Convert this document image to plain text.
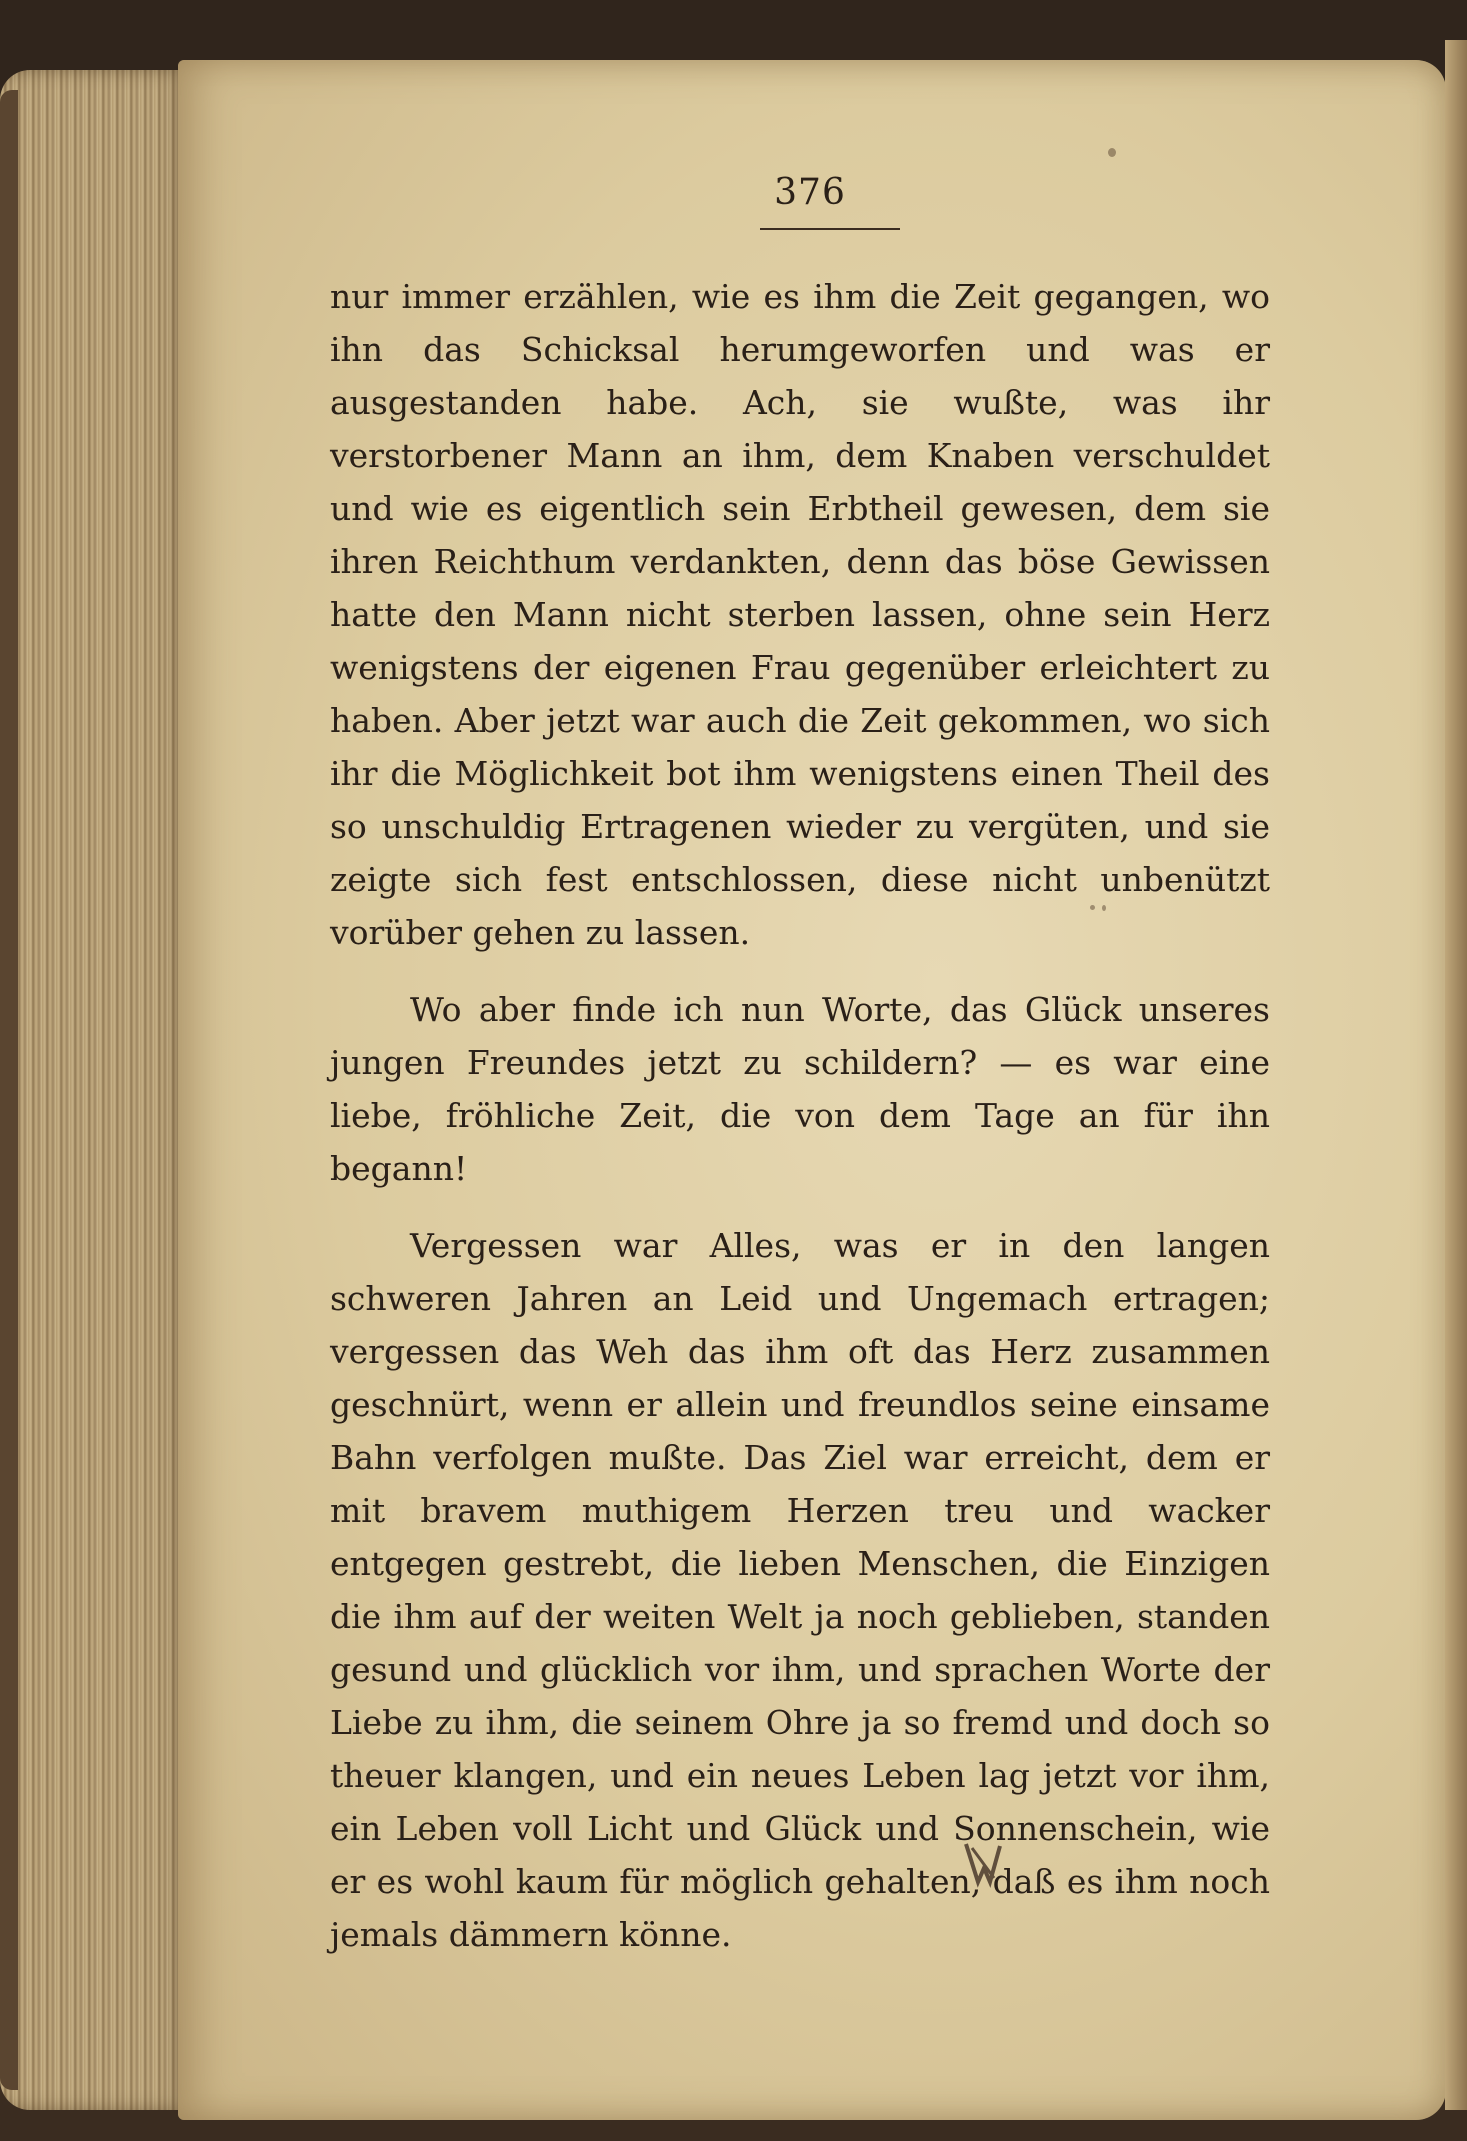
376

nur immer erzählen, wie es ihm die Zeit gegangen, wo ihn das Schicksal herumgeworfen und was er ausgestanden habe. Ach, sie wußte, was ihr verstorbener Mann an ihm, dem Knaben verschuldet und wie es eigentlich sein Erbtheil gewesen, dem sie ihren Reichthum verdankten, denn das böse Gewissen hatte den Mann nicht sterben lassen, ohne sein Herz wenigstens der eigenen Frau gegenüber erleichtert zu haben. Aber jetzt war auch die Zeit gekommen, wo sich ihr die Möglichkeit bot ihm wenigstens einen Theil des so unschuldig Ertragenen wieder zu vergüten, und sie zeigte sich fest entschlossen, diese nicht unbenützt vorüber gehen zu lassen.

Wo aber finde ich nun Worte, das Glück unseres jungen Freundes jetzt zu schildern? — es war eine liebe, fröhliche Zeit, die von dem Tage an für ihn begann!

Vergessen war Alles, was er in den langen schweren Jahren an Leid und Ungemach ertragen; vergessen das Weh das ihm oft das Herz zusammen geschnürt, wenn er allein und freundlos seine einsame Bahn verfolgen mußte. Das Ziel war erreicht, dem er mit bravem muthigem Herzen treu und wacker entgegen gestrebt, die lieben Menschen, die Einzigen die ihm auf der weiten Welt ja noch geblieben, standen gesund und glücklich vor ihm, und sprachen Worte der Liebe zu ihm, die seinem Ohre ja so fremd und doch so theuer klangen, und ein neues Leben lag jetzt vor ihm, ein Leben voll Licht und Glück und Sonnenschein, wie er es wohl kaum für möglich gehalten, daß es ihm noch jemals dämmern könne.
